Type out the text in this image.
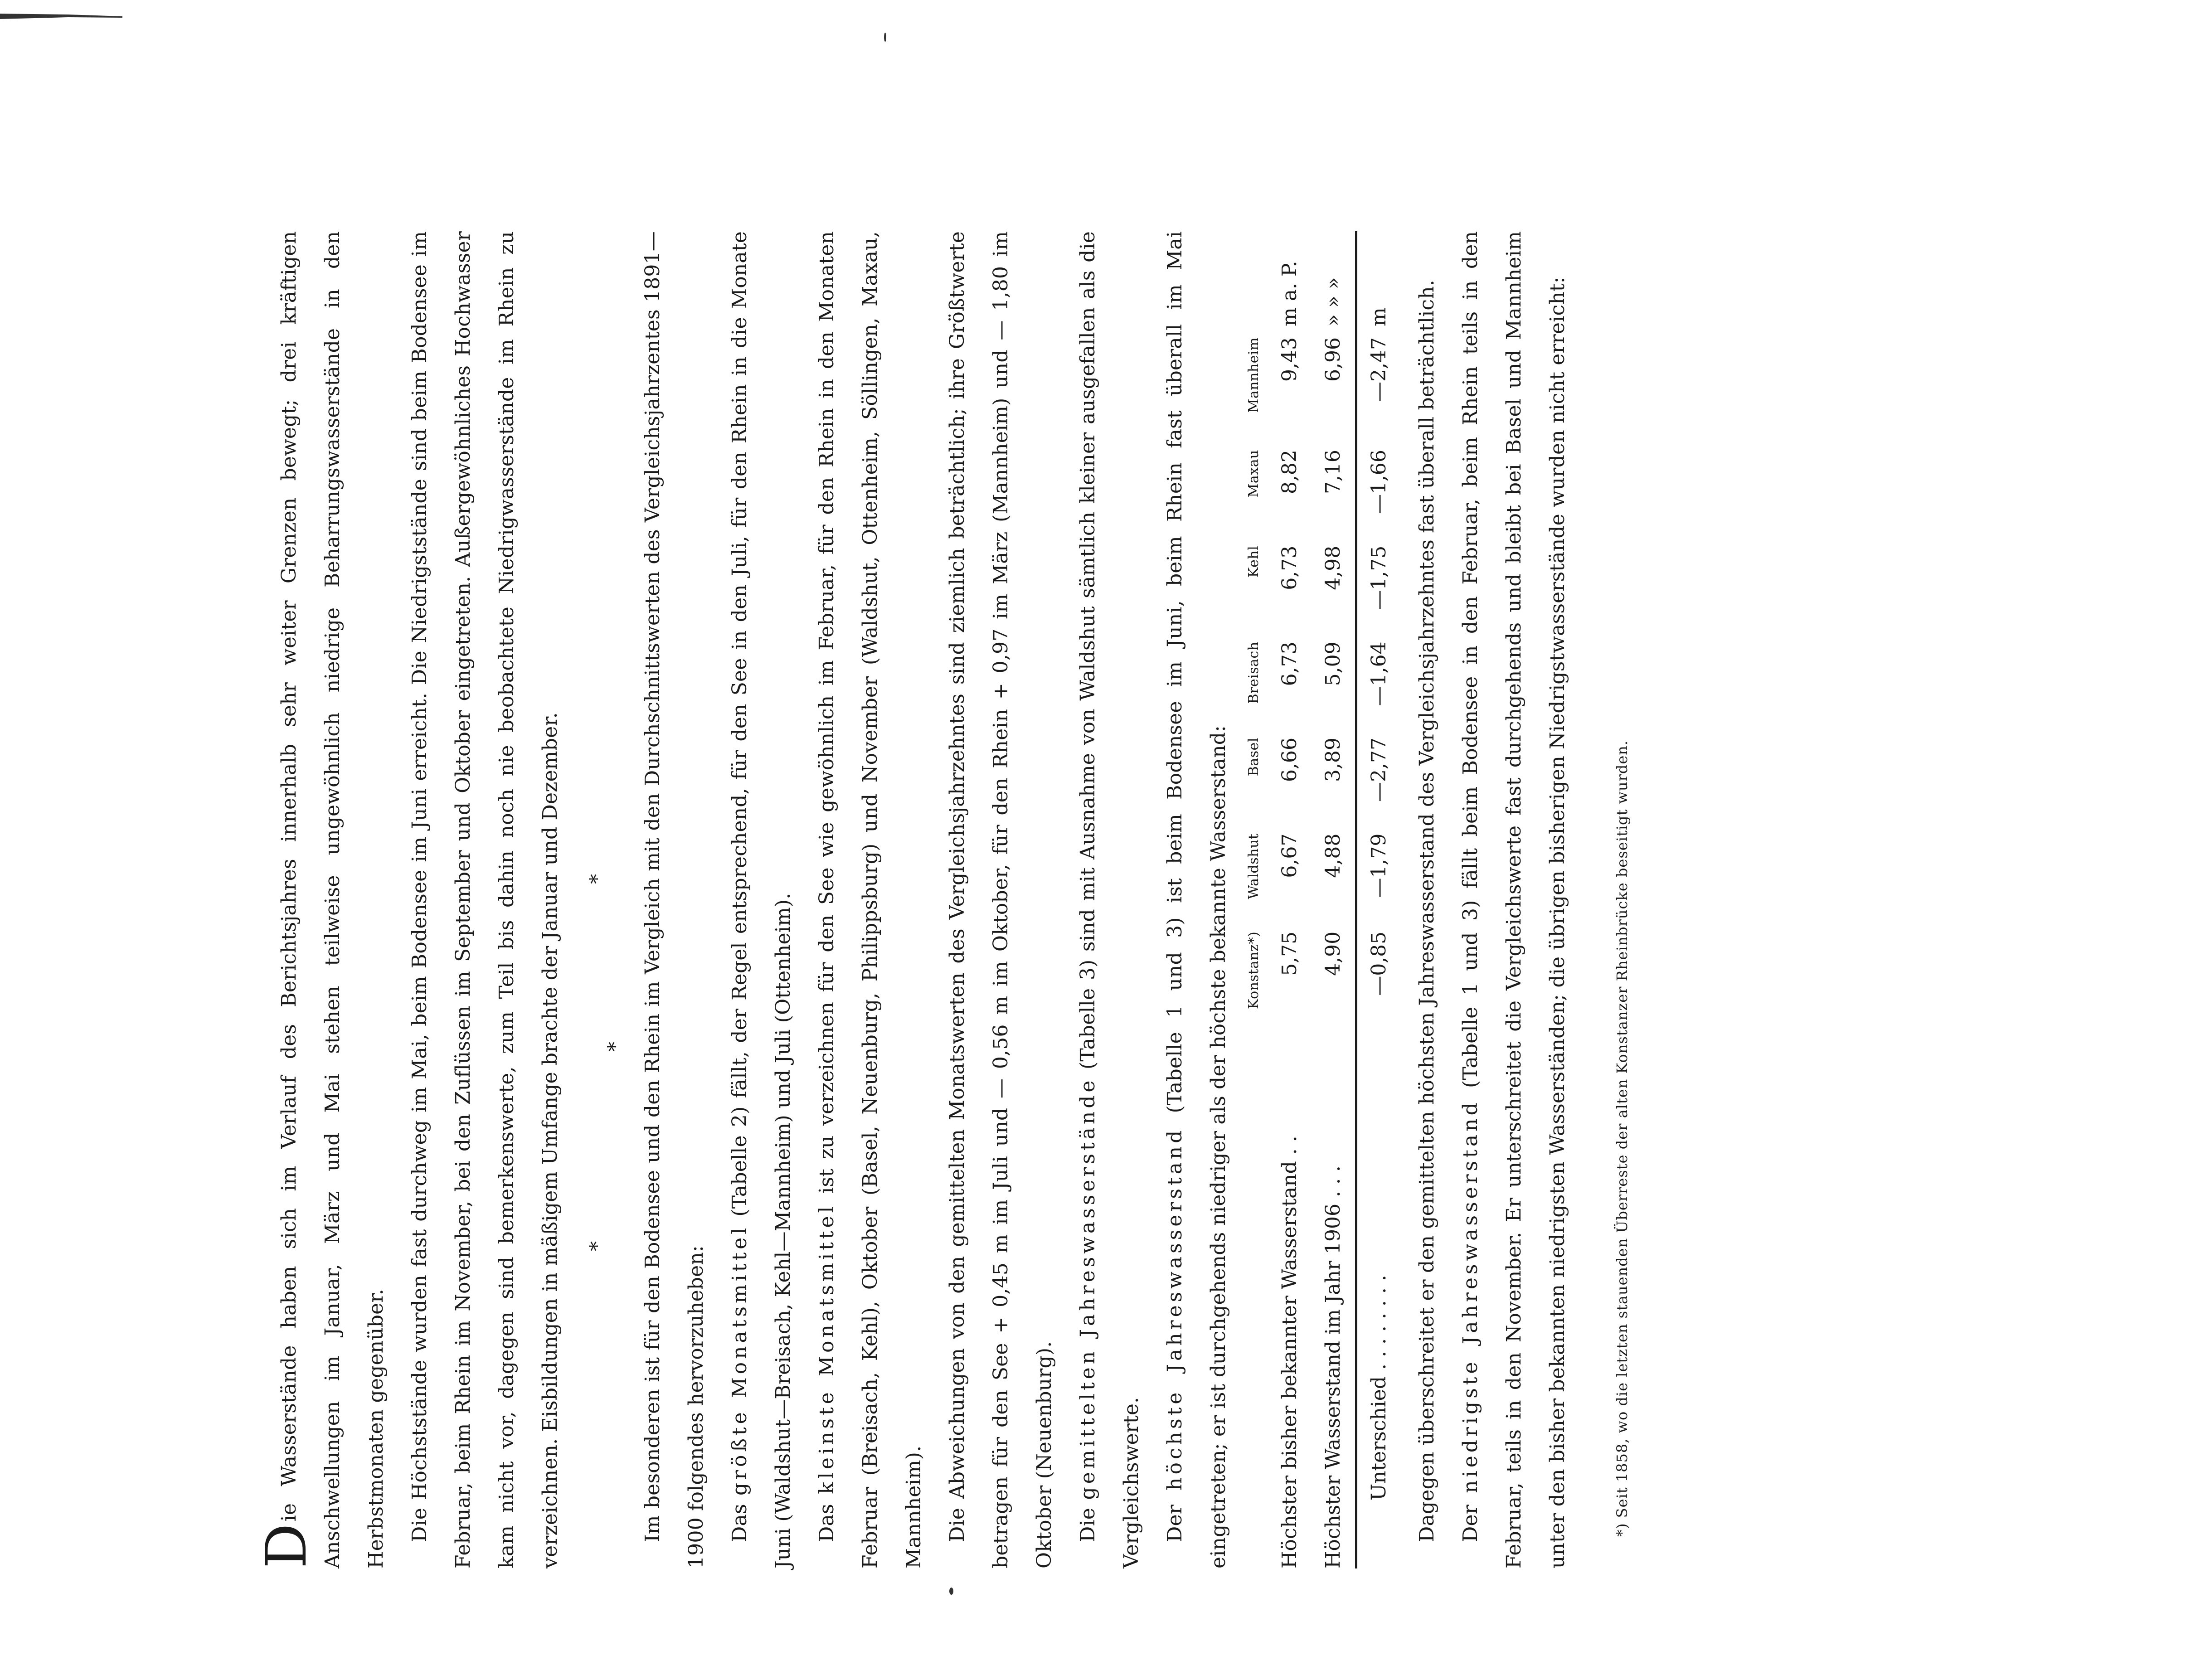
D
ie Wasserstände haben sich im Verlauf des Berichtsjahres innerhalb sehr weiter Grenzen bewegt; drei kräftigen Anschwellungen im Januar, März und Mai stehen teilweise ungewöhnlich niedrige Beharrungswasserstände in den Herbstmonaten gegenüber.	Die Höchststände wurden fast durchweg im Mai, beim Bodensee im Juni erreicht. Die Niedrigststände sind beim Bodensee im Februar, beim Rhein im November, bei den Zuflüssen im September und Oktober eingetreten. Außergewöhnliches Hochwasser kam nicht vor, dagegen sind bemerkenswerte, zum Teil bis dahin noch nie beobachtete Niedrigwasserstände im Rhein zu verzeichnen. Eisbildungen in mäßigem Umfange brachte der Januar und Dezember.	*
*
*	Im besonderen ist für den Bodensee und den Rhein im Vergleich mit den Durchschnittswerten des Vergleichsjahrzentes 1891—1900 folgendes hervorzuheben:	Das größte Monatsmittel (Tabelle 2) fällt, der Regel entsprechend, für den See in den Juli, für den Rhein in die Monate Juni (Waldshut—Breisach, Kehl—Mannheim) und Juli (Ottenheim).	Das kleinste Monatsmittel ist zu verzeichnen für den See wie gewöhnlich im Februar, für den Rhein in den Monaten Februar (Breisach, Kehl), Oktober (Basel, Neuenburg, Philippsburg) und November (Waldshut, Ottenheim, Söllingen, Maxau, Mannheim).	Die Abweichungen von den gemittelten Monatswerten des Vergleichsjahrzehntes sind ziemlich beträchtlich; ihre Größtwerte betragen für den See + 0,45 m im Juli und — 0,56 m im Oktober, für den Rhein + 0,97 im März (Mannheim) und — 1,80 im Oktober (Neuenburg).	Die gemittelten Jahreswasserstände (Tabelle 3) sind mit Ausnahme von Waldshut sämtlich kleiner ausgefallen als die Vergleichswerte.	Der höchste Jahreswasserstand (Tabelle 1 und 3) ist beim Bodensee im Juni, beim Rhein fast überall im Mai eingetreten; er ist durchgehends niedriger als der höchste bekannte Wasserstand:

		Konstanz*)	Waldshut	Basel	Breisach	Kehl	Maxau	Mannheim	
Höchster bisher bekannter Wasserstand . .	5,75	6,67	6,66	6,73	6,73	8,82	9,43	m a. P.
Höchster Wasserstand im Jahr 1906 . . .	4,90	4,88	3,89	5,09	4,98	7,16	6,96	» » »
Unterschied . . . . . . . .	—0,85	—1,79	—2,77	—1,64	—1,75	—1,66	—2,47	m	Dagegen überschreitet er den gemittelten höchsten Jahreswasserstand des Vergleichsjahrzehntes fast überall beträchtlich.	Der niedrigste Jahreswasserstand (Tabelle 1 und 3) fällt beim Bodensee in den Februar, beim Rhein teils in den Februar, teils in den November. Er unterschreitet die Vergleichswerte fast durchgehends und bleibt bei Basel und Mannheim unter den bisher bekannten niedrigsten Wasserständen; die übrigen bisherigen Niedrigstwasserstände wurden nicht erreicht:	*) Seit 1858, wo die letzten stauenden Überreste der alten Konstanzer Rheinbrücke beseitigt wurden.
